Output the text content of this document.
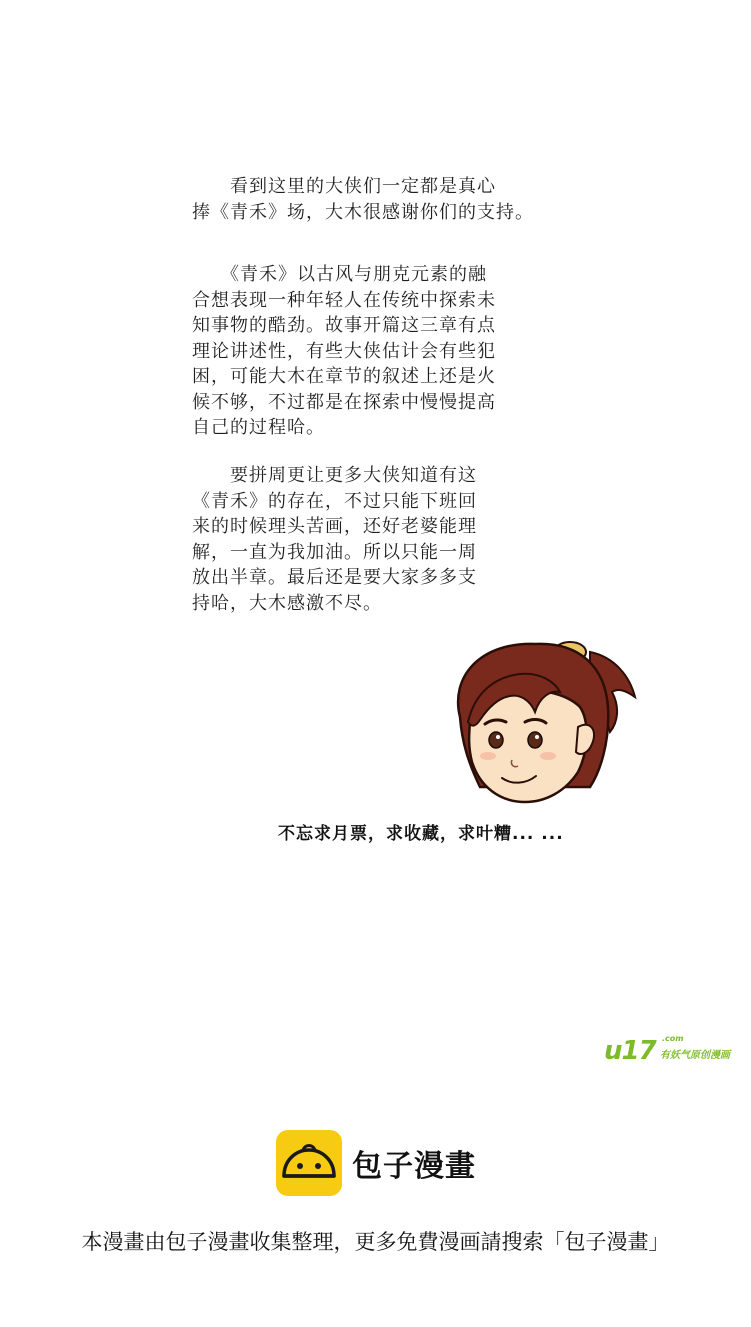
　　看到这里的大侠们一定都是真心
捧《青禾》场，大木很感谢你们的支持。
　　《青禾》以古风与朋克元素的融
合想表现一种年轻人在传统中探索未
知事物的酷劲。故事开篇这三章有点
理论讲述性，有些大侠估计会有些犯
困，可能大木在章节的叙述上还是火
候不够，不过都是在探索中慢慢提高
自己的过程哈。
　　要拼周更让更多大侠知道有这
《青禾》的存在，不过只能下班回
来的时候理头苦画，还好老婆能理
解，一直为我加油。所以只能一周
放出半章。最后还是要大家多多支
持哈，大木感激不尽。
不忘求月票，求收藏，求叶糟... ...
u17 .com
有妖气原创漫画
包子漫畫
本漫畫由包子漫畫收集整理，更多免費漫画請搜索「包子漫畫」
